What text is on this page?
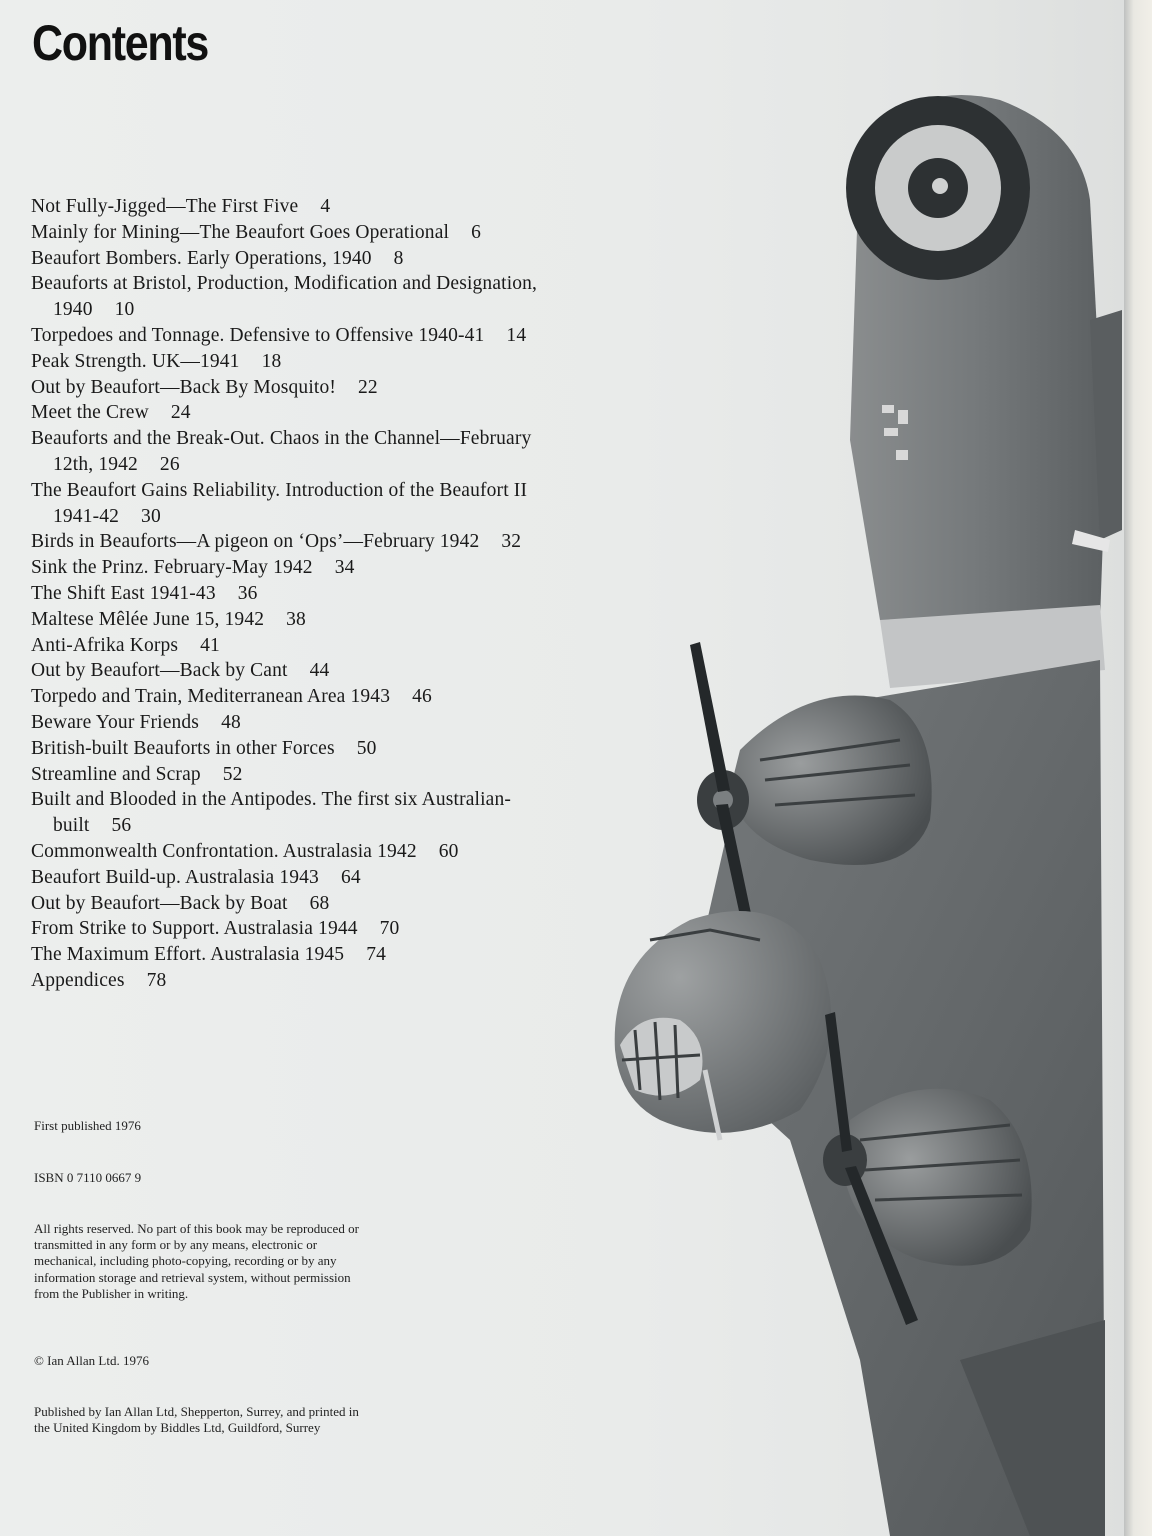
Contents
Not Fully-Jigged—The First Five 4
Mainly for Mining—The Beaufort Goes Operational 6
Beaufort Bombers. Early Operations, 1940 8
Beauforts at Bristol, Production, Modification and Designation, 1940 10
Torpedoes and Tonnage. Defensive to Offensive 1940-41 14
Peak Strength. UK—1941 18
Out by Beaufort—Back By Mosquito! 22
Meet the Crew 24
Beauforts and the Break-Out. Chaos in the Channel—February 12th, 1942 26
The Beaufort Gains Reliability. Introduction of the Beaufort II 1941-42 30
Birds in Beauforts—A pigeon on ‘Ops’—February 1942 32
Sink the Prinz. February-May 1942 34
The Shift East 1941-43 36
Maltese Mêlée June 15, 1942 38
Anti-Afrika Korps 41
Out by Beaufort—Back by Cant 44
Torpedo and Train, Mediterranean Area 1943 46
Beware Your Friends 48
British-built Beauforts in other Forces 50
Streamline and Scrap 52
Built and Blooded in the Antipodes. The first six Australian-built 56
Commonwealth Confrontation. Australasia 1942 60
Beaufort Build-up. Australasia 1943 64
Out by Beaufort—Back by Boat 68
From Strike to Support. Australasia 1944 70
The Maximum Effort. Australasia 1945 74
Appendices 78
First published 1976
ISBN 0 7110 0667 9
All rights reserved. No part of this book may be reproduced or transmitted in any form or by any means, electronic or mechanical, including photo-copying, recording or by any information storage and retrieval system, without permission from the Publisher in writing.
© Ian Allan Ltd. 1976
Published by Ian Allan Ltd, Shepperton, Surrey, and printed in the United Kingdom by Biddles Ltd, Guildford, Surrey
